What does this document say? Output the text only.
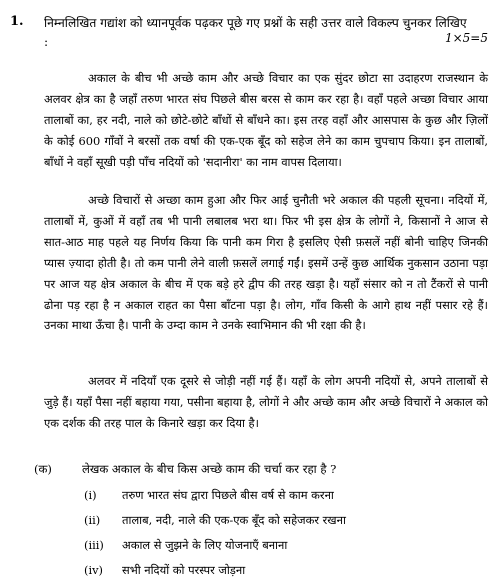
1. निम्नलिखित गद्यांश को ध्यानपूर्वक पढ़कर पूछे गए प्रश्नों के सही उत्तर वाले विकल्प चुनकर लिखिए :	1×5=5

अकाल के बीच भी अच्छे काम और अच्छे विचार का एक सुंदर छोटा सा उदाहरण राजस्थान के अलवर क्षेत्र का है जहाँ तरुण भारत संघ पिछले बीस बरस से काम कर रहा है। वहाँ पहले अच्छा विचार आया तालाबों का, हर नदी, नाले को छोटे-छोटे बाँधों से बाँधने का। इस तरह वहाँ और आसपास के कुछ और ज़िलों के कोई 600 गाँवों ने बरसों तक वर्षा की एक-एक बूँद को सहेज लेने का काम चुपचाप किया। इन तालाबों, बाँधों ने वहाँ सूखी पड़ी पाँच नदियों को 'सदानीरा' का नाम वापस दिलाया।

अच्छे विचारों से अच्छा काम हुआ और फिर आई चुनौती भरे अकाल की पहली सूचना। नदियों में, तालाबों में, कुओं में वहाँ तब भी पानी लबालब भरा था। फिर भी इस क्षेत्र के लोगों ने, किसानों ने आज से सात-आठ माह पहले यह निर्णय किया कि पानी कम गिरा है इसलिए ऐसी फ़सलें नहीं बोनी चाहिए जिनकी प्यास ज़्यादा होती है। तो कम पानी लेने वाली फ़सलें लगाई गईं। इसमें उन्हें कुछ आर्थिक नुकसान उठाना पड़ा पर आज यह क्षेत्र अकाल के बीच में एक बड़े हरे द्वीप की तरह खड़ा है। यहाँ संसार को न तो टैंकरों से पानी ढोना पड़ रहा है न अकाल राहत का पैसा बाँटना पड़ा है। लोग, गाँव किसी के आगे हाथ नहीं पसार रहे हैं। उनका माथा ऊँचा है। पानी के उम्दा काम ने उनके स्वाभिमान की भी रक्षा की है।

अलवर में नदियाँ एक दूसरे से जोड़ी नहीं गई हैं। यहाँ के लोग अपनी नदियों से, अपने तालाबों से जुड़े हैं। यहाँ पैसा नहीं बहाया गया, पसीना बहाया है, लोगों ने और अच्छे काम और अच्छे विचारों ने अकाल को एक दर्शक की तरह पाल के किनारे खड़ा कर दिया है।

(क)	लेखक अकाल के बीच किस अच्छे काम की चर्चा कर रहा है ?
(i) तरुण भारत संघ द्वारा पिछले बीस वर्ष से काम करना
(ii) तालाब, नदी, नाले की एक-एक बूँद को सहेजकर रखना
(iii) अकाल से जुझने के लिए योजनाएँ बनाना
(iv) सभी नदियों को परस्पर जोड़ना
